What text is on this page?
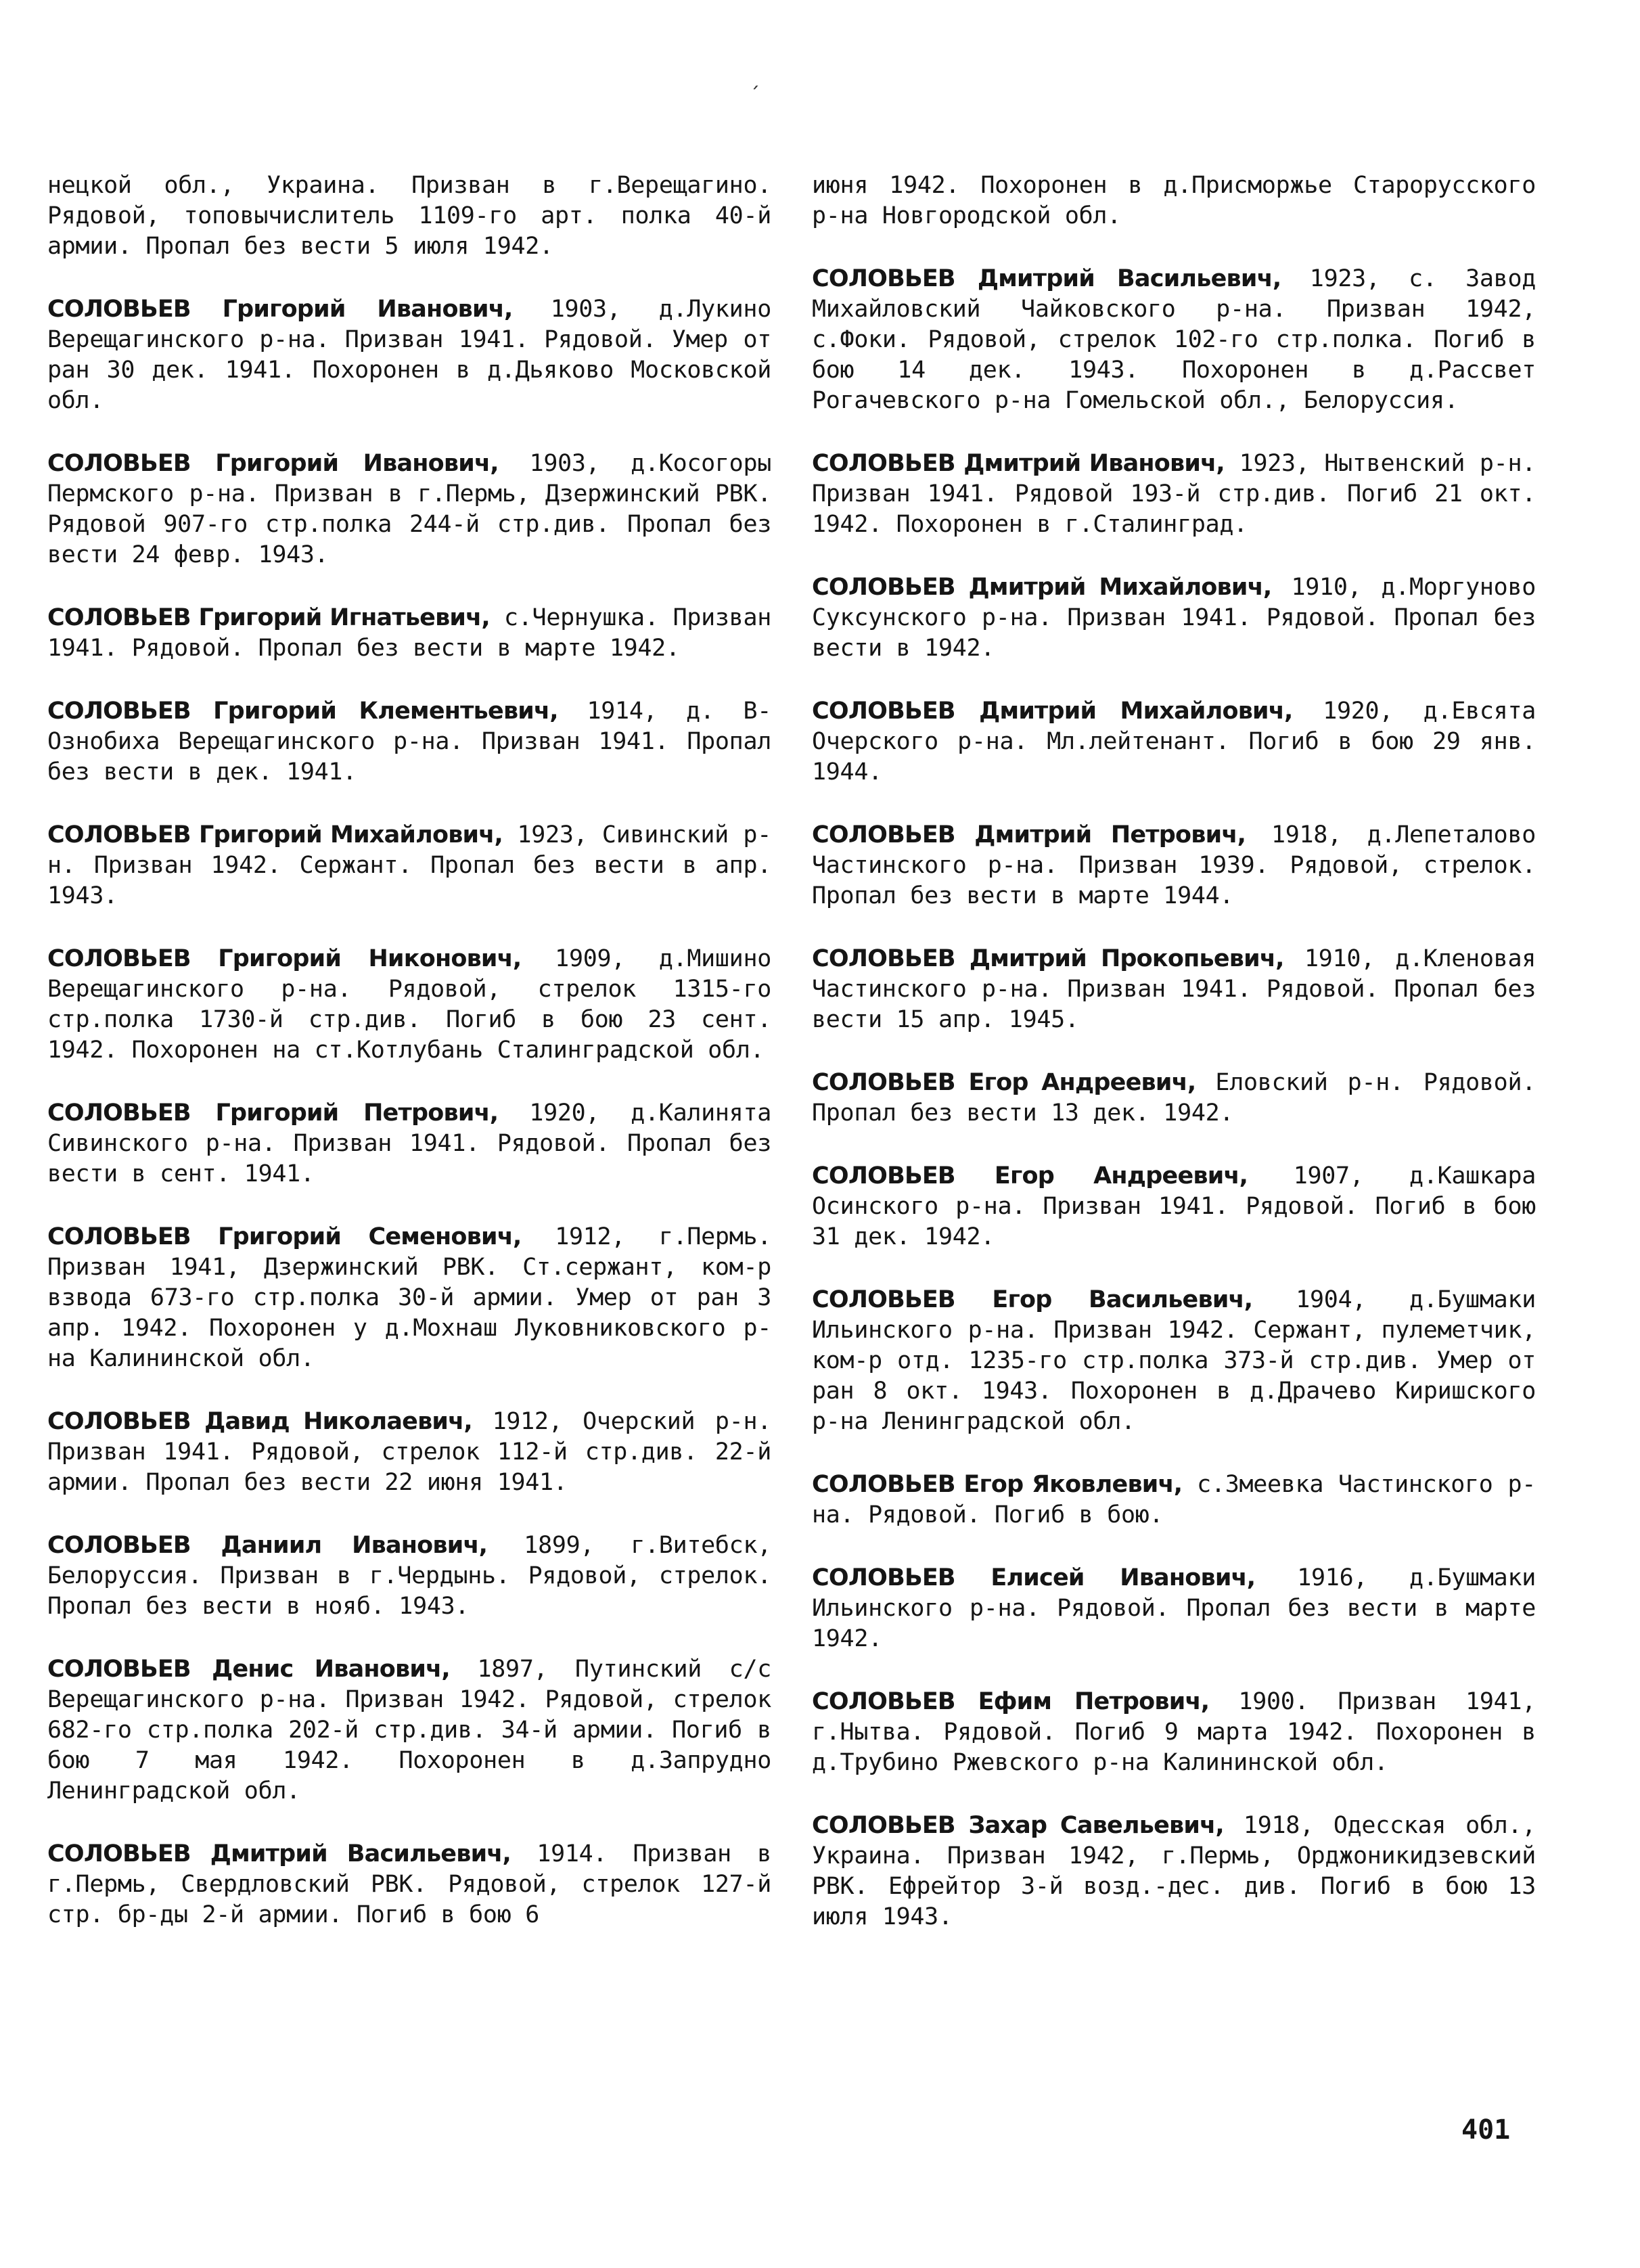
ˏ

нецкой обл., Украина. Призван в г.Верещагино. Рядовой, топовычислитель 1109-го арт. полка 40-й армии. Пропал без вести 5 июля 1942.

СОЛОВЬЕВ Григорий Иванович, 1903, д.Лукино Верещагинского р-на. Призван 1941. Рядовой. Умер от ран 30 дек. 1941. Похоронен в д.Дьяково Московской обл.

СОЛОВЬЕВ Григорий Иванович, 1903, д.Косогоры Пермского р-на. Призван в г.Пермь, Дзержинский РВК. Рядовой 907-го стр.полка 244-й стр.див. Пропал без вести 24 февр. 1943.

СОЛОВЬЕВ Григорий Игнатьевич, с.Чернушка. Призван 1941. Рядовой. Пропал без вести в марте 1942.

СОЛОВЬЕВ Григорий Клементьевич, 1914, д. В-Ознобиха Верещагинского р-на. Призван 1941. Пропал без вести в дек. 1941.

СОЛОВЬЕВ Григорий Михайлович, 1923, Сивинский р-н. Призван 1942. Сержант. Пропал без вести в апр. 1943.

СОЛОВЬЕВ Григорий Никонович, 1909, д.Мишино Верещагинского р-на. Рядовой, стрелок 1315-го стр.полка 1730-й стр.див. Погиб в бою 23 сент. 1942. Похоронен на ст.Котлубань Сталинградской обл.

СОЛОВЬЕВ Григорий Петрович, 1920, д.Калинята Сивинского р-на. Призван 1941. Рядовой. Пропал без вести в сент. 1941.

СОЛОВЬЕВ Григорий Семенович, 1912, г.Пермь. Призван 1941, Дзержинский РВК. Ст.сержант, ком-р взвода 673-го стр.полка 30-й армии. Умер от ран 3 апр. 1942. Похоронен у д.Мохнаш Луковниковского р-на Калининской обл.

СОЛОВЬЕВ Давид Николаевич, 1912, Очерский р-н. Призван 1941. Рядовой, стрелок 112-й стр.див. 22-й армии. Пропал без вести 22 июня 1941.

СОЛОВЬЕВ Даниил Иванович, 1899, г.Витебск, Белоруссия. Призван в г.Чердынь. Рядовой, стрелок. Пропал без вести в нояб. 1943.

СОЛОВЬЕВ Денис Иванович, 1897, Путинский с/с Верещагинского р-на. Призван 1942. Рядовой, стрелок 682-го стр.полка 202-й стр.див. 34-й армии. Погиб в бою 7 мая 1942. Похоронен в д.Запрудно Ленинградской обл.

СОЛОВЬЕВ Дмитрий Васильевич, 1914. Призван в г.Пермь, Свердловский РВК. Рядовой, стрелок 127-й стр. бр-ды 2-й армии. Погиб в бою 6

июня 1942. Похоронен в д.Присморжье Старорусского р-на Новгородской обл.

СОЛОВЬЕВ Дмитрий Васильевич, 1923, с. Завод Михайловский Чайковского р-на. Призван 1942, с.Фоки. Рядовой, стрелок 102-го стр.полка. Погиб в бою 14 дек. 1943. Похоронен в д.Рассвет Рогачевского р-на Гомельской обл., Белоруссия.

СОЛОВЬЕВ Дмитрий Иванович, 1923, Нытвенский р-н. Призван 1941. Рядовой 193-й стр.див. Погиб 21 окт. 1942. Похоронен в г.Сталинград.

СОЛОВЬЕВ Дмитрий Михайлович, 1910, д.Моргуново Суксунского р-на. Призван 1941. Рядовой. Пропал без вести в 1942.

СОЛОВЬЕВ Дмитрий Михайлович, 1920, д.Евсята Очерского р-на. Мл.лейтенант. Погиб в бою 29 янв. 1944.

СОЛОВЬЕВ Дмитрий Петрович, 1918, д.Лепеталово Частинского р-на. Призван 1939. Рядовой, стрелок. Пропал без вести в марте 1944.

СОЛОВЬЕВ Дмитрий Прокопьевич, 1910, д.Кленовая Частинского р-на. Призван 1941. Рядовой. Пропал без вести 15 апр. 1945.

СОЛОВЬЕВ Егор Андреевич, Еловский р-н. Рядовой. Пропал без вести 13 дек. 1942.

СОЛОВЬЕВ Егор Андреевич, 1907, д.Кашкара Осинского р-на. Призван 1941. Рядовой. Погиб в бою 31 дек. 1942.

СОЛОВЬЕВ Егор Васильевич, 1904, д.Бушмаки Ильинского р-на. Призван 1942. Сержант, пулеметчик, ком-р отд. 1235-го стр.полка 373-й стр.див. Умер от ран 8 окт. 1943. Похоронен в д.Драчево Киришского р-на Ленинградской обл.

СОЛОВЬЕВ Егор Яковлевич, с.Змеевка Частинского р-на. Рядовой. Погиб в бою.

СОЛОВЬЕВ Елисей Иванович, 1916, д.Бушмаки Ильинского р-на. Рядовой. Пропал без вести в марте 1942.

СОЛОВЬЕВ Ефим Петрович, 1900. Призван 1941, г.Нытва. Рядовой. Погиб 9 марта 1942. Похоронен в д.Трубино Ржевского р-на Калининской обл.

СОЛОВЬЕВ Захар Савельевич, 1918, Одесская обл., Украина. Призван 1942, г.Пермь, Орджоникидзевский РВК. Ефрейтор 3-й возд.-дес. див. Погиб в бою 13 июля 1943.

401
